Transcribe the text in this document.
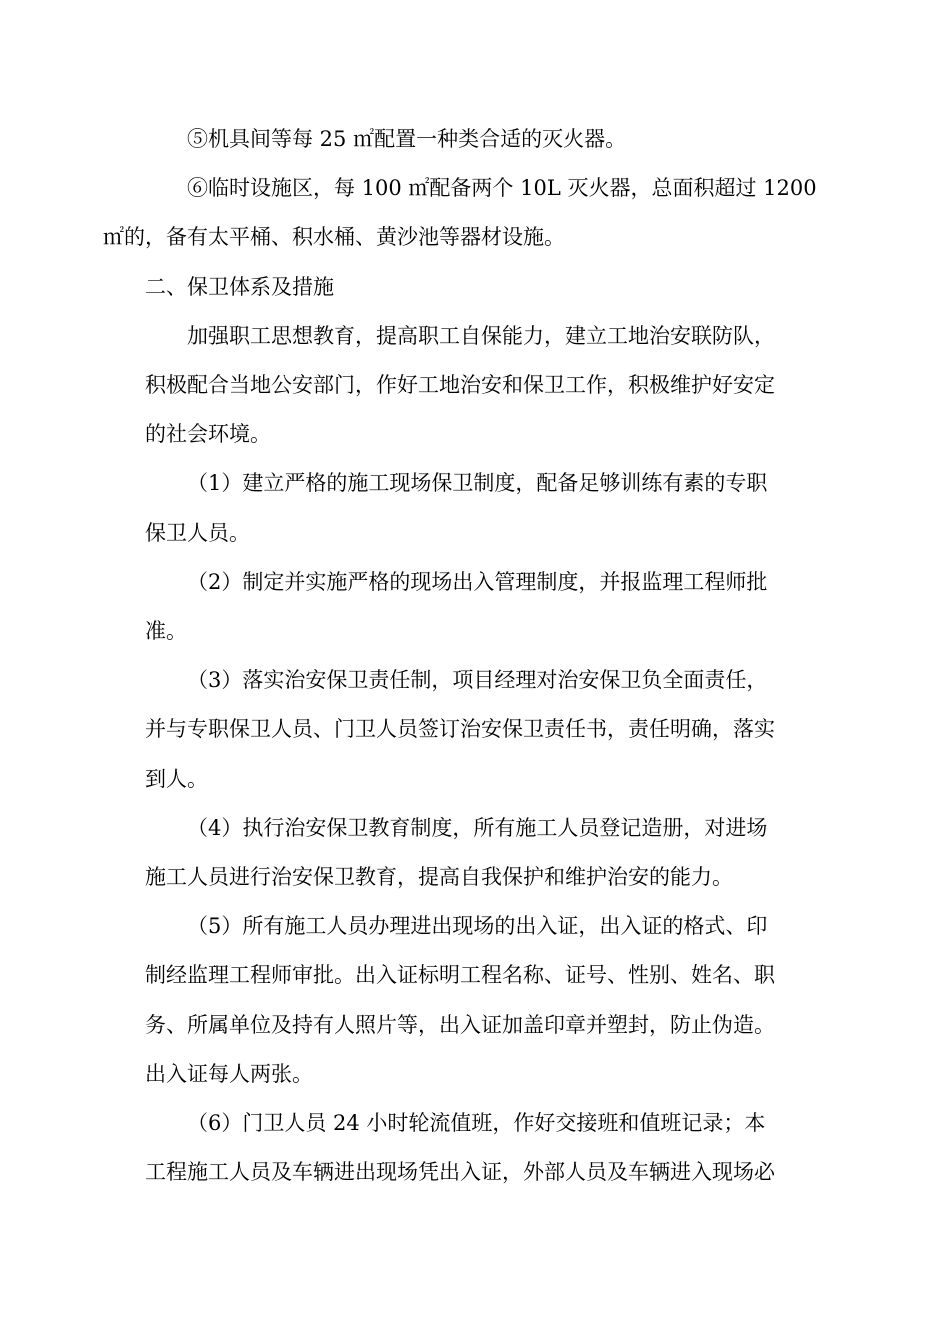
⑤机具间等每 25 ㎡配置一种类合适的灭火器。

⑥临时设施区，每 100 ㎡配备两个 10L 灭火器，总面积超过 1200
㎡的，备有太平桶、积水桶、黄沙池等器材设施。

二、保卫体系及措施

加强职工思想教育，提高职工自保能力，建立工地治安联防队，
积极配合当地公安部门，作好工地治安和保卫工作，积极维护好安定
的社会环境。

（1）建立严格的施工现场保卫制度，配备足够训练有素的专职
保卫人员。

（2）制定并实施严格的现场出入管理制度，并报监理工程师批
准。

（3）落实治安保卫责任制，项目经理对治安保卫负全面责任，
并与专职保卫人员、门卫人员签订治安保卫责任书，责任明确，落实
到人。

（4）执行治安保卫教育制度，所有施工人员登记造册，对进场
施工人员进行治安保卫教育，提高自我保护和维护治安的能力。

（5）所有施工人员办理进出现场的出入证，出入证的格式、印
制经监理工程师审批。出入证标明工程名称、证号、性别、姓名、职
务、所属单位及持有人照片等，出入证加盖印章并塑封，防止伪造。
出入证每人两张。

（6）门卫人员 24 小时轮流值班，作好交接班和值班记录；本
工程施工人员及车辆进出现场凭出入证，外部人员及车辆进入现场必
